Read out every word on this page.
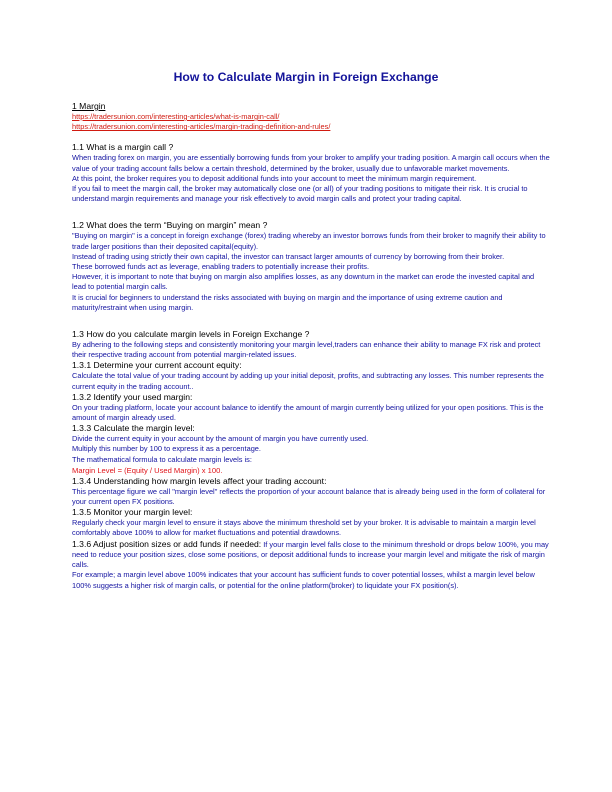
How to Calculate Margin in Foreign Exchange
1 Margin
https://tradersunion.com/interesting-articles/what-is-margin-call/
https://tradersunion.com/interesting-articles/margin-trading-definition-and-rules/
1.1 What is a margin call ?
When trading forex on margin, you are essentially borrowing funds from your broker to amplify your trading position. A margin call occurs when the value of your trading account falls below a certain threshold, determined by the broker, usually due to unfavorable market movements.
At this point, the broker requires you to deposit additional funds into your account to meet the minimum margin requirement.
If you fail to meet the margin call, the broker may automatically close one (or all) of your trading positions to mitigate their risk. It is crucial to understand margin requirements and manage your risk effectively to avoid margin calls and protect your trading capital.
1.2 What does the term “Buying on margin” mean ?
"Buying on margin" is a concept in foreign exchange (forex) trading whereby an investor borrows funds from their broker to magnify their ability to trade larger positions than their deposited capital(equity).
Instead of trading using strictly their own capital, the investor can transact larger amounts of currency by borrowing from their broker.
These borrowed funds act as leverage, enabling traders to potentially increase their profits.
However, it is important to note that buying on margin also amplifies losses, as any downturn in the market can erode the invested capital and lead to potential margin calls.
It is crucial for beginners to understand the risks associated with buying on margin and the importance of using extreme caution and maturity/restraint when using margin.
1.3 How do you calculate margin levels in Foreign Exchange ?
By adhering to the following steps and consistently monitoring your margin level,traders can enhance their ability to manage FX risk and protect their respective trading account from potential margin-related issues.
1.3.1 Determine your current account equity:
Calculate the total value of your trading account by adding up your initial deposit, profits, and subtracting any losses. This number represents the current equity in the trading account..
1.3.2 Identify your used margin:
On your trading platform, locate your account balance to identify the amount of margin currently being utilized for your open positions. This is the amount of margin already used.
1.3.3 Calculate the margin level:
Divide the current equity in your account by the amount of margin you have currently used.
Multiply this number by 100 to express it as a percentage.
The mathematical formula to calculate margin levels is:
Margin Level = (Equity / Used Margin) x 100.
1.3.4 Understanding how margin levels affect your trading account:
This percentage figure we call "margin level" reflects the proportion of your account balance that is already being used in the form of collateral for your current open FX positions.
1.3.5 Monitor your margin level:
Regularly check your margin level to ensure it stays above the minimum threshold set by your broker. It is advisable to maintain a margin level comfortably above 100% to allow for market fluctuations and potential drawdowns.
1.3.6 Adjust position sizes or add funds if needed: If your margin level falls close to the minimum threshold or drops below 100%, you may need to reduce your position sizes, close some positions, or deposit additional funds to increase your margin level and mitigate the risk of margin calls.
For example; a margin level above 100% indicates that your account has sufficient funds to cover potential losses, whilst a margin level below 100% suggests a higher risk of margin calls, or potential for the online platform(broker) to liquidate your FX position(s).
